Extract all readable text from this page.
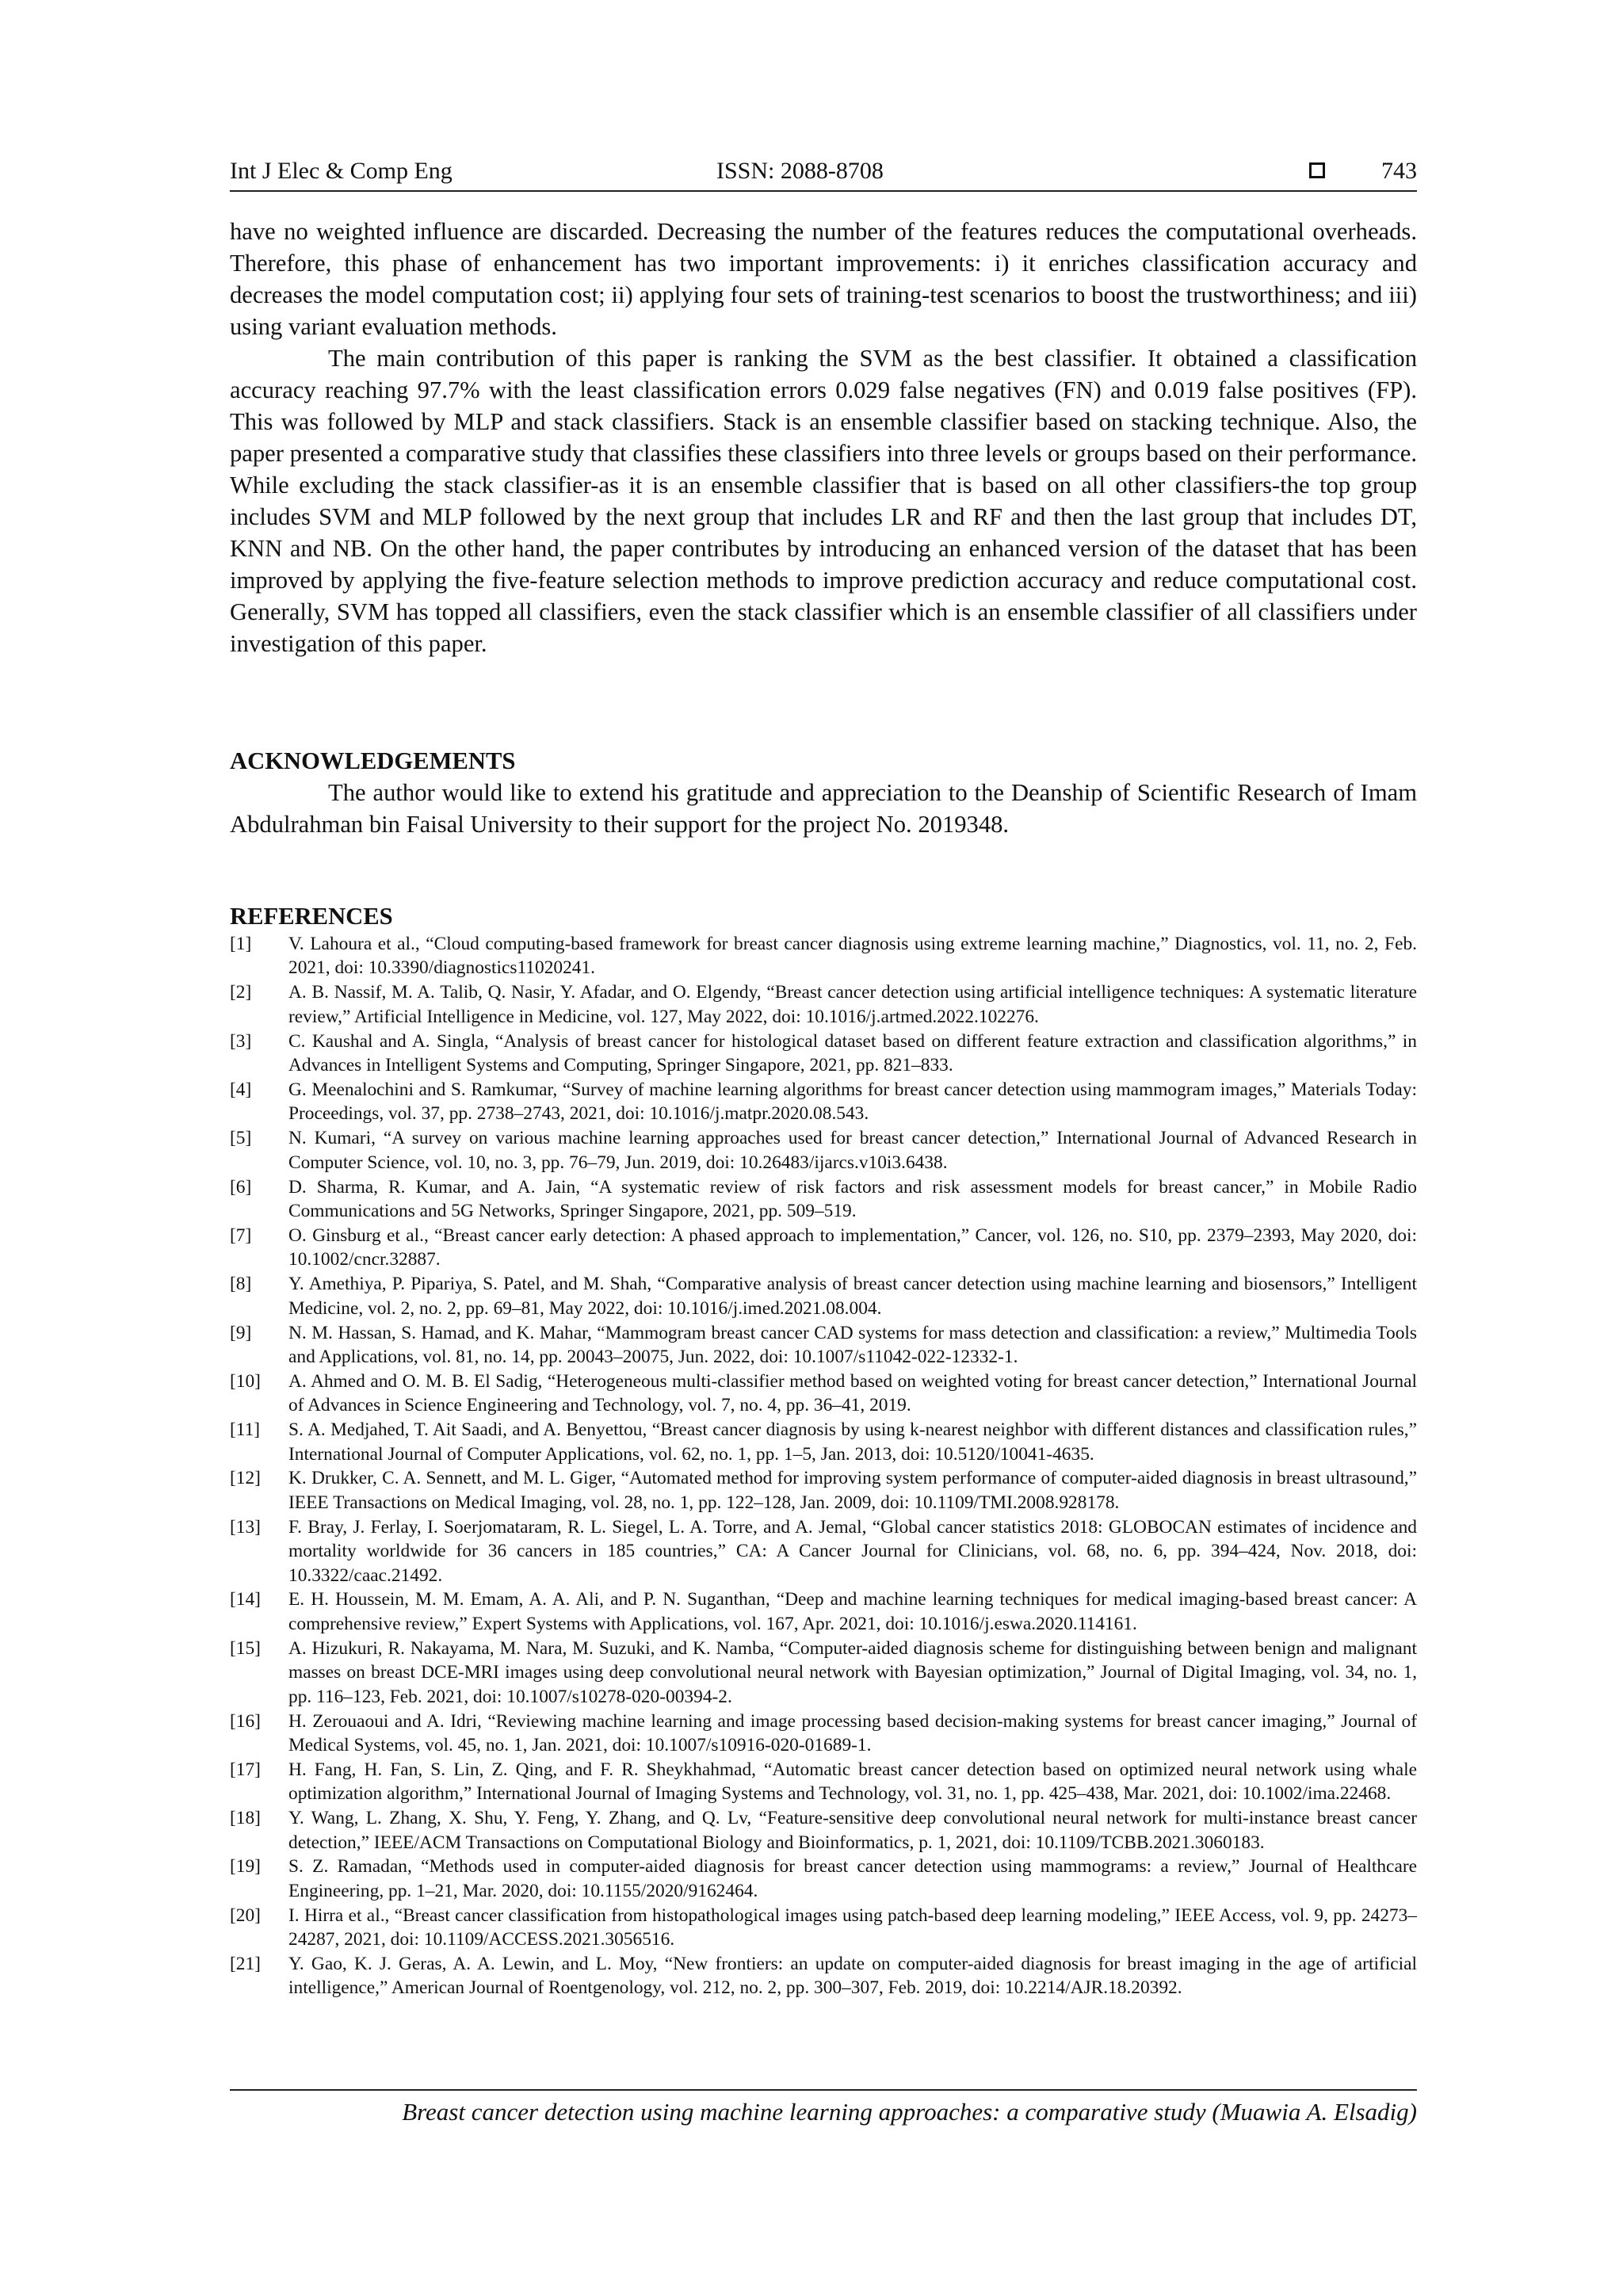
Int J Elec & Comp Eng	ISSN: 2088-8708	743

have no weighted influence are discarded. Decreasing the number of the features reduces the computational overheads. Therefore, this phase of enhancement has two important improvements: i) it enriches classification accuracy and decreases the model computation cost; ii) applying four sets of training-test scenarios to boost the trustworthiness; and iii) using variant evaluation methods.

The main contribution of this paper is ranking the SVM as the best classifier. It obtained a classification accuracy reaching 97.7% with the least classification errors 0.029 false negatives (FN) and 0.019 false positives (FP). This was followed by MLP and stack classifiers. Stack is an ensemble classifier based on stacking technique. Also, the paper presented a comparative study that classifies these classifiers into three levels or groups based on their performance. While excluding the stack classifier-as it is an ensemble classifier that is based on all other classifiers-the top group includes SVM and MLP followed by the next group that includes LR and RF and then the last group that includes DT, KNN and NB. On the other hand, the paper contributes by introducing an enhanced version of the dataset that has been improved by applying the five-feature selection methods to improve prediction accuracy and reduce computational cost. Generally, SVM has topped all classifiers, even the stack classifier which is an ensemble classifier of all classifiers under investigation of this paper.

ACKNOWLEDGEMENTS

The author would like to extend his gratitude and appreciation to the Deanship of Scientific Research of Imam Abdulrahman bin Faisal University to their support for the project No. 2019348.

REFERENCES
[1] V. Lahoura et al., “Cloud computing-based framework for breast cancer diagnosis using extreme learning machine,” Diagnostics, vol. 11, no. 2, Feb. 2021, doi: 10.3390/diagnostics11020241.
[2] A. B. Nassif, M. A. Talib, Q. Nasir, Y. Afadar, and O. Elgendy, “Breast cancer detection using artificial intelligence techniques: A systematic literature review,” Artificial Intelligence in Medicine, vol. 127, May 2022, doi: 10.1016/j.artmed.2022.102276.
[3] C. Kaushal and A. Singla, “Analysis of breast cancer for histological dataset based on different feature extraction and classification algorithms,” in Advances in Intelligent Systems and Computing, Springer Singapore, 2021, pp. 821–833.
[4] G. Meenalochini and S. Ramkumar, “Survey of machine learning algorithms for breast cancer detection using mammogram images,” Materials Today: Proceedings, vol. 37, pp. 2738–2743, 2021, doi: 10.1016/j.matpr.2020.08.543.
[5] N. Kumari, “A survey on various machine learning approaches used for breast cancer detection,” International Journal of Advanced Research in Computer Science, vol. 10, no. 3, pp. 76–79, Jun. 2019, doi: 10.26483/ijarcs.v10i3.6438.
[6] D. Sharma, R. Kumar, and A. Jain, “A systematic review of risk factors and risk assessment models for breast cancer,” in Mobile Radio Communications and 5G Networks, Springer Singapore, 2021, pp. 509–519.
[7] O. Ginsburg et al., “Breast cancer early detection: A phased approach to implementation,” Cancer, vol. 126, no. S10, pp. 2379–2393, May 2020, doi: 10.1002/cncr.32887.
[8] Y. Amethiya, P. Pipariya, S. Patel, and M. Shah, “Comparative analysis of breast cancer detection using machine learning and biosensors,” Intelligent Medicine, vol. 2, no. 2, pp. 69–81, May 2022, doi: 10.1016/j.imed.2021.08.004.
[9] N. M. Hassan, S. Hamad, and K. Mahar, “Mammogram breast cancer CAD systems for mass detection and classification: a review,” Multimedia Tools and Applications, vol. 81, no. 14, pp. 20043–20075, Jun. 2022, doi: 10.1007/s11042-022-12332-1.
[10] A. Ahmed and O. M. B. El Sadig, “Heterogeneous multi-classifier method based on weighted voting for breast cancer detection,” International Journal of Advances in Science Engineering and Technology, vol. 7, no. 4, pp. 36–41, 2019.
[11] S. A. Medjahed, T. Ait Saadi, and A. Benyettou, “Breast cancer diagnosis by using k-nearest neighbor with different distances and classification rules,” International Journal of Computer Applications, vol. 62, no. 1, pp. 1–5, Jan. 2013, doi: 10.5120/10041-4635.
[12] K. Drukker, C. A. Sennett, and M. L. Giger, “Automated method for improving system performance of computer-aided diagnosis in breast ultrasound,” IEEE Transactions on Medical Imaging, vol. 28, no. 1, pp. 122–128, Jan. 2009, doi: 10.1109/TMI.2008.928178.
[13] F. Bray, J. Ferlay, I. Soerjomataram, R. L. Siegel, L. A. Torre, and A. Jemal, “Global cancer statistics 2018: GLOBOCAN estimates of incidence and mortality worldwide for 36 cancers in 185 countries,” CA: A Cancer Journal for Clinicians, vol. 68, no. 6, pp. 394–424, Nov. 2018, doi: 10.3322/caac.21492.
[14] E. H. Houssein, M. M. Emam, A. A. Ali, and P. N. Suganthan, “Deep and machine learning techniques for medical imaging-based breast cancer: A comprehensive review,” Expert Systems with Applications, vol. 167, Apr. 2021, doi: 10.1016/j.eswa.2020.114161.
[15] A. Hizukuri, R. Nakayama, M. Nara, M. Suzuki, and K. Namba, “Computer-aided diagnosis scheme for distinguishing between benign and malignant masses on breast DCE-MRI images using deep convolutional neural network with Bayesian optimization,” Journal of Digital Imaging, vol. 34, no. 1, pp. 116–123, Feb. 2021, doi: 10.1007/s10278-020-00394-2.
[16] H. Zerouaoui and A. Idri, “Reviewing machine learning and image processing based decision-making systems for breast cancer imaging,” Journal of Medical Systems, vol. 45, no. 1, Jan. 2021, doi: 10.1007/s10916-020-01689-1.
[17] H. Fang, H. Fan, S. Lin, Z. Qing, and F. R. Sheykhahmad, “Automatic breast cancer detection based on optimized neural network using whale optimization algorithm,” International Journal of Imaging Systems and Technology, vol. 31, no. 1, pp. 425–438, Mar. 2021, doi: 10.1002/ima.22468.
[18] Y. Wang, L. Zhang, X. Shu, Y. Feng, Y. Zhang, and Q. Lv, “Feature-sensitive deep convolutional neural network for multi-instance breast cancer detection,” IEEE/ACM Transactions on Computational Biology and Bioinformatics, p. 1, 2021, doi: 10.1109/TCBB.2021.3060183.
[19] S. Z. Ramadan, “Methods used in computer-aided diagnosis for breast cancer detection using mammograms: a review,” Journal of Healthcare Engineering, pp. 1–21, Mar. 2020, doi: 10.1155/2020/9162464.
[20] I. Hirra et al., “Breast cancer classification from histopathological images using patch-based deep learning modeling,” IEEE Access, vol. 9, pp. 24273–24287, 2021, doi: 10.1109/ACCESS.2021.3056516.
[21] Y. Gao, K. J. Geras, A. A. Lewin, and L. Moy, “New frontiers: an update on computer-aided diagnosis for breast imaging in the age of artificial intelligence,” American Journal of Roentgenology, vol. 212, no. 2, pp. 300–307, Feb. 2019, doi: 10.2214/AJR.18.20392.
Breast cancer detection using machine learning approaches: a comparative study (Muawia A. Elsadig)
